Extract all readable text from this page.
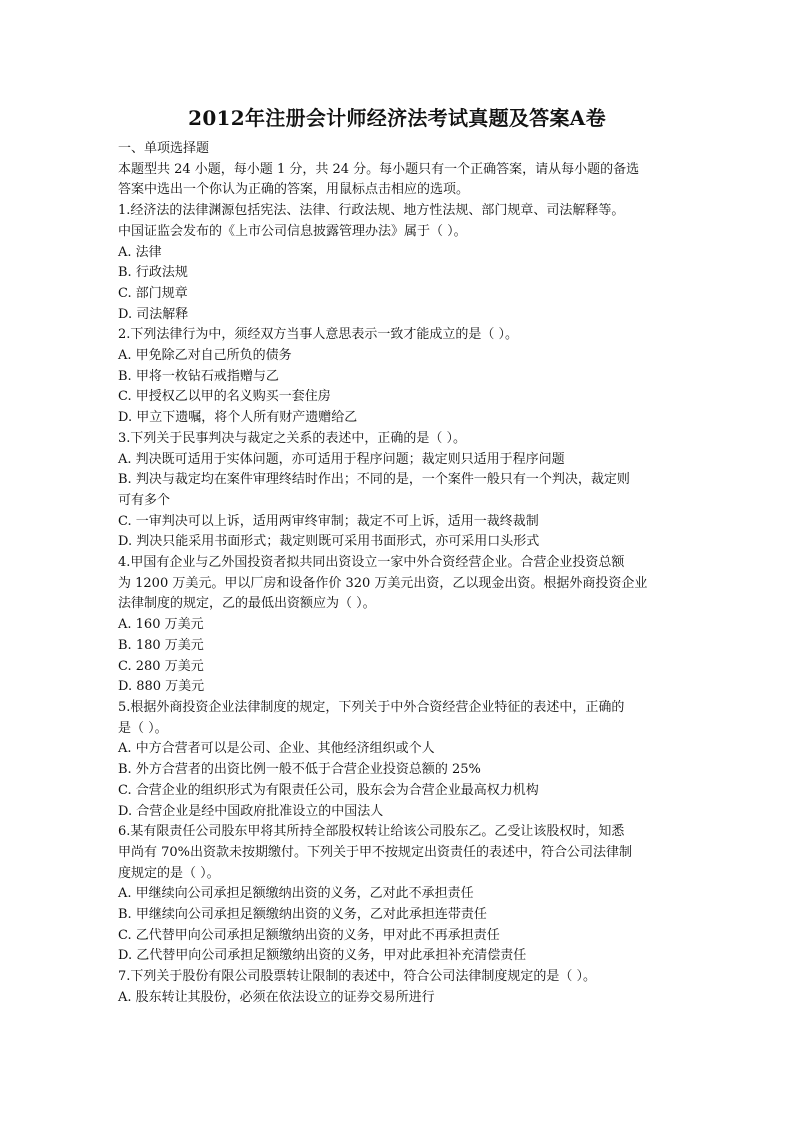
2012年注册会计师经济法考试真题及答案A卷

一、单项选择题

本题型共 24 小题，每小题 1 分，共 24 分。每小题只有一个正确答案，请从每小题的备选

答案中选出一个你认为正确的答案，用鼠标点击相应的选项。

1.经济法的法律渊源包括宪法、法律、行政法规、地方性法规、部门规章、司法解释等。

中国证监会发布的《上市公司信息披露管理办法》属于（ ）。

A. 法律

B. 行政法规

C. 部门规章

D. 司法解释

2.下列法律行为中，须经双方当事人意思表示一致才能成立的是（ ）。

A. 甲免除乙对自己所负的债务

B. 甲将一枚钻石戒指赠与乙

C. 甲授权乙以甲的名义购买一套住房

D. 甲立下遗嘱，将个人所有财产遗赠给乙

3.下列关于民事判决与裁定之关系的表述中，正确的是（ ）。

A. 判决既可适用于实体问题，亦可适用于程序问题；裁定则只适用于程序问题

B. 判决与裁定均在案件审理终结时作出；不同的是，一个案件一般只有一个判决，裁定则

可有多个

C. 一审判决可以上诉，适用两审终审制；裁定不可上诉，适用一裁终裁制

D. 判决只能采用书面形式；裁定则既可采用书面形式，亦可采用口头形式

4.甲国有企业与乙外国投资者拟共同出资设立一家中外合资经营企业。合营企业投资总额

为 1200 万美元。甲以厂房和设备作价 320 万美元出资，乙以现金出资。根据外商投资企业

法律制度的规定，乙的最低出资额应为（ ）。

A. 160 万美元

B. 180 万美元

C. 280 万美元

D. 880 万美元

5.根据外商投资企业法律制度的规定，下列关于中外合资经营企业特征的表述中，正确的

是（ ）。

A. 中方合营者可以是公司、企业、其他经济组织或个人

B. 外方合营者的出资比例一般不低于合营企业投资总额的 25%

C. 合营企业的组织形式为有限责任公司，股东会为合营企业最高权力机构

D. 合营企业是经中国政府批准设立的中国法人

6.某有限责任公司股东甲将其所持全部股权转让给该公司股东乙。乙受让该股权时，知悉

甲尚有 70%出资款未按期缴付。下列关于甲不按规定出资责任的表述中，符合公司法律制

度规定的是（ ）。

A. 甲继续向公司承担足额缴纳出资的义务，乙对此不承担责任

B. 甲继续向公司承担足额缴纳出资的义务，乙对此承担连带责任

C. 乙代替甲向公司承担足额缴纳出资的义务，甲对此不再承担责任

D. 乙代替甲向公司承担足额缴纳出资的义务，甲对此承担补充清偿责任

7.下列关于股份有限公司股票转让限制的表述中，符合公司法律制度规定的是（ ）。

A. 股东转让其股份，必须在依法设立的证券交易所进行
